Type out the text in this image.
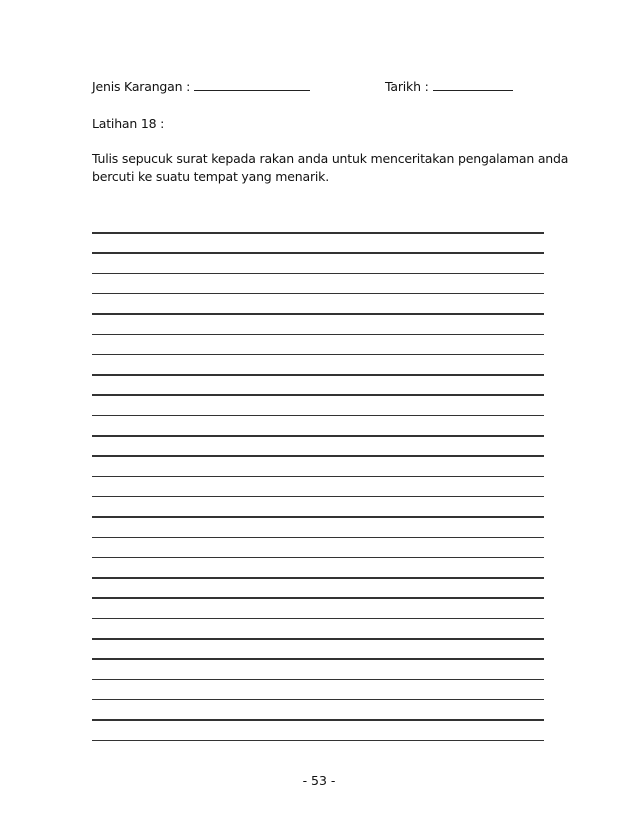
Jenis Karangan :	Tarikh :
Latihan 18 :
Tulis sepucuk surat kepada rakan anda untuk menceritakan pengalaman anda
bercuti ke suatu tempat yang menarik.
- 53 -
